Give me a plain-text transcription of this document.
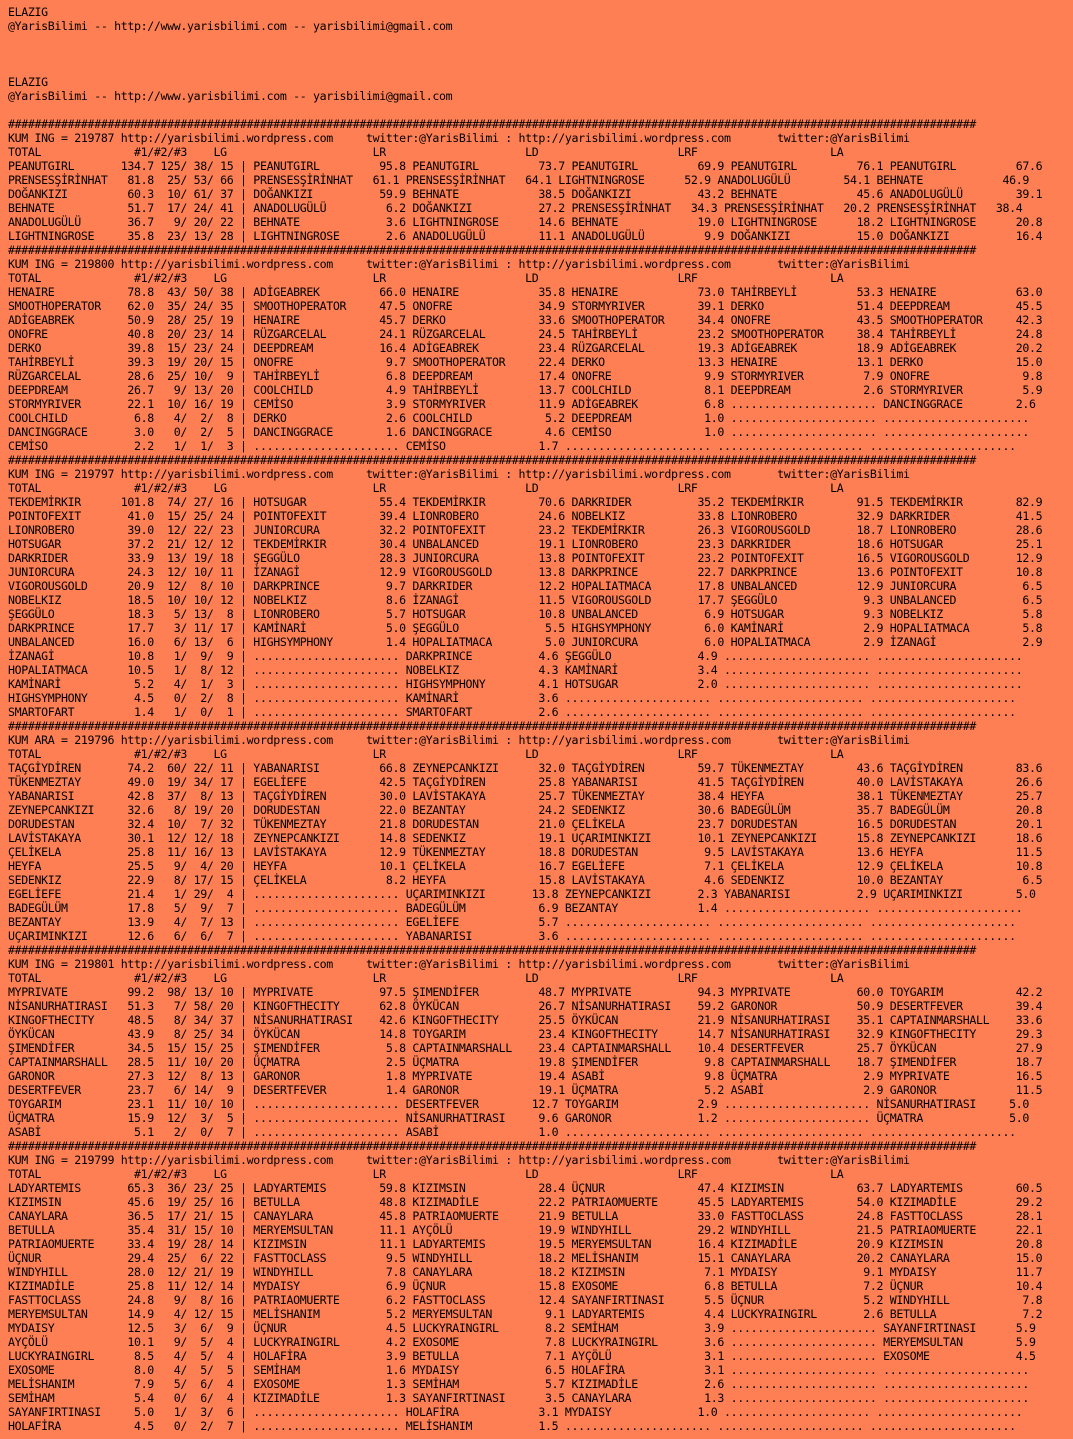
ELAZIG
@YarisBilimi -- http://www.yarisbilimi.com -- yarisbilimi@gmail.com
ELAZIG
@YarisBilimi -- http://www.yarisbilimi.com -- yarisbilimi@gmail.com
##################################################################################################################################################
KUM ING = 219787 http://yarisbilimi.wordpress.com     twitter:@YarisBilimi : http://yarisbilimi.wordpress.com       twitter:@YarisBilimi
TOTAL              #1/#2/#3    LG                      LR                     LD                     LRF                    LA
PEANUTGIRL       134.7 125/ 38/ 15 | PEANUTGIRL         95.8 PEANUTGIRL         73.7 PEANUTGIRL         69.9 PEANUTGIRL         76.1 PEANUTGIRL         67.6
PRENSESŞİRİNHAT   81.8  25/ 53/ 66 | PRENSESŞİRİNHAT   61.1 PRENSESŞİRİNHAT   64.1 LIGHTNINGROSE      52.9 ANADOLUGÜLÜ        54.1 BEHNATE            46.9
DOĞANKIZI         60.3  10/ 61/ 37 | DOĞANKIZI          59.9 BEHNATE            38.5 DOĞANKIZI          43.2 BEHNATE            45.6 ANADOLUGÜLÜ        39.1
BEHNATE           51.7  17/ 24/ 41 | ANADOLUGÜLÜ         6.2 DOĞANKIZI          27.2 PRENSESŞİRİNHAT   34.3 PRENSESŞİRİNHAT   20.2 PRENSESŞİRİNHAT   38.4
ANADOLUGÜLÜ       36.7   9/ 20/ 22 | BEHNATE             3.6 LIGHTNINGROSE      14.6 BEHNATE            19.0 LIGHTNINGROSE      18.2 LIGHTNINGROSE      20.8
LIGHTNINGROSE     35.8  23/ 13/ 28 | LIGHTNINGROSE       2.6 ANADOLUGÜLÜ        11.1 ANADOLUGÜLÜ         9.9 DOĞANKIZI          15.0 DOĞANKIZI          16.4
##################################################################################################################################################
KUM ING = 219800 http://yarisbilimi.wordpress.com     twitter:@YarisBilimi : http://yarisbilimi.wordpress.com       twitter:@YarisBilimi
TOTAL              #1/#2/#3    LG                      LR                     LD                     LRF                    LA
HENAIRE           78.8  43/ 50/ 38 | ADİGEABREK         66.0 HENAIRE            35.8 HENAIRE            73.0 TAHİRBEYLİ         53.3 HENAIRE            63.0
SMOOTHOPERATOR    62.0  35/ 24/ 35 | SMOOTHOPERATOR     47.5 ONOFRE             34.9 STORMYRIVER        39.1 DERKO              51.4 DEEPDREAM          45.5
ADİGEABREK        50.9  28/ 25/ 19 | HENAIRE            45.7 DERKO              33.6 SMOOTHOPERATOR     34.4 ONOFRE             43.5 SMOOTHOPERATOR     42.3
ONOFRE            40.8  20/ 23/ 14 | RÜZGARCELAL        24.1 RÜZGARCELAL        24.5 TAHİRBEYLİ         23.2 SMOOTHOPERATOR     38.4 TAHİRBEYLİ         24.8
DERKO             39.8  15/ 23/ 24 | DEEPDREAM          16.4 ADİGEABREK         23.4 RÜZGARCELAL        19.3 ADİGEABREK         18.9 ADİGEABREK         20.2
TAHİRBEYLİ        39.3  19/ 20/ 15 | ONOFRE              9.7 SMOOTHOPERATOR     22.4 DERKO              13.3 HENAIRE            13.1 DERKO              15.0
RÜZGARCELAL       28.6  25/ 10/  9 | TAHİRBEYLİ          6.8 DEEPDREAM          17.4 ONOFRE              9.9 STORMYRIVER         7.9 ONOFRE              9.8
DEEPDREAM         26.7   9/ 13/ 20 | COOLCHILD           4.9 TAHİRBEYLİ         13.7 COOLCHILD           8.1 DEEPDREAM           2.6 STORMYRIVER         5.9
STORMYRIVER       22.1  10/ 16/ 19 | CEMİSO              3.9 STORMYRIVER        11.9 ADİGEABREK          6.8 ...................... DANCINGGRACE        2.6
COOLCHILD          6.8   4/  2/  8 | DERKO               2.6 COOLCHILD           5.2 DEEPDREAM           1.0 ...................... ......................
DANCINGGRACE       3.0   0/  2/  5 | DANCINGGRACE        1.6 DANCINGGRACE        4.6 CEMİSO              1.0 ...................... ......................
CEMİSO             2.2   1/  1/  3 | ...................... CEMİSO              1.7 ...................... ...................... ......................
##################################################################################################################################################
KUM ING = 219797 http://yarisbilimi.wordpress.com     twitter:@YarisBilimi : http://yarisbilimi.wordpress.com       twitter:@YarisBilimi
TOTAL              #1/#2/#3    LG                      LR                     LD                     LRF                    LA
TEKDEMİRKIR      101.8  74/ 27/ 16 | HOTSUGAR           55.4 TEKDEMİRKIR        70.6 DARKRIDER          35.2 TEKDEMİRKIR        91.5 TEKDEMİRKIR        82.9
POINTOFEXIT       41.0  15/ 25/ 24 | POINTOFEXIT        39.4 LIONROBERO         24.6 NOBELKIZ           33.8 LIONROBERO         32.9 DARKRIDER          41.5
LIONROBERO        39.0  12/ 22/ 23 | JUNIORCURA         32.2 POINTOFEXIT        23.2 TEKDEMİRKIR        26.3 VIGOROUSGOLD       18.7 LIONROBERO         28.6
HOTSUGAR          37.2  21/ 12/ 12 | TEKDEMİRKIR        30.4 UNBALANCED         19.1 LIONROBERO         23.3 DARKRIDER          18.6 HOTSUGAR           25.1
DARKRIDER         33.9  13/ 19/ 18 | ŞEGGÜLO            28.3 JUNIORCURA         13.8 POINTOFEXIT        23.2 POINTOFEXIT        16.5 VIGOROUSGOLD       12.9
JUNIORCURA        24.3  12/ 10/ 11 | İZANAGİ            12.9 VIGOROUSGOLD       13.8 DARKPRINCE         22.7 DARKPRINCE         13.6 POINTOFEXIT        10.8
VIGOROUSGOLD      20.9  12/  8/ 10 | DARKPRINCE          9.7 DARKRIDER          12.2 HOPALIATMACA       17.8 UNBALANCED         12.9 JUNIORCURA          6.5
NOBELKIZ          18.5  10/ 10/ 12 | NOBELKIZ            8.6 İZANAGİ            11.5 VIGOROUSGOLD       17.7 ŞEGGÜLO             9.3 UNBALANCED          6.5
ŞEGGÜLO           18.3   5/ 13/  8 | LIONROBERO          5.7 HOTSUGAR           10.8 UNBALANCED          6.9 HOTSUGAR            9.3 NOBELKIZ            5.8
DARKPRINCE        17.7   3/ 11/ 17 | KAMİNARİ            5.0 ŞEGGÜLO             5.5 HIGHSYMPHONY        6.0 KAMİNARİ            2.9 HOPALIATMACA        5.8
UNBALANCED        16.0   6/ 13/  6 | HIGHSYMPHONY        1.4 HOPALIATMACA        5.0 JUNIORCURA          6.0 HOPALIATMACA        2.9 İZANAGİ             2.9
İZANAGİ           10.8   1/  9/  9 | ...................... DARKPRINCE          4.6 ŞEGGÜLO             4.9 ...................... ......................
HOPALIATMACA      10.5   1/  8/ 12 | ...................... NOBELKIZ            4.3 KAMİNARİ            3.4 ...................... ......................
KAMİNARİ           5.2   4/  1/  3 | ...................... HIGHSYMPHONY        4.1 HOTSUGAR            2.0 ...................... ......................
HIGHSYMPHONY       4.5   0/  2/  8 | ...................... KAMİNARİ            3.6 ...................... ...................... ......................
SMARTOFART         1.4   1/  0/  1 | ...................... SMARTOFART          2.6 ...................... ...................... ......................
##################################################################################################################################################
KUM ARA = 219796 http://yarisbilimi.wordpress.com     twitter:@YarisBilimi : http://yarisbilimi.wordpress.com       twitter:@YarisBilimi
TOTAL              #1/#2/#3    LG                      LR                     LD                     LRF                    LA
TAÇGİYDİREN       74.2  60/ 22/ 11 | YABANARISI         66.8 ZEYNEPCANKIZI      32.0 TAÇGİYDİREN        59.7 TÜKENMEZTAY        43.6 TAÇGİYDİREN        83.6
TÜKENMEZTAY       49.0  19/ 34/ 17 | EGELİEFE           42.5 TAÇGİYDİREN        25.8 YABANARISI         41.5 TAÇGİYDİREN        40.0 LAVİSTAKAYA        26.6
YABANARISI        42.8  37/  8/ 13 | TAÇGİYDİREN        30.0 LAVİSTAKAYA        25.7 TÜKENMEZTAY        38.4 HEYFA              38.1 TÜKENMEZTAY        25.7
ZEYNEPCANKIZI     32.6   8/ 19/ 20 | DORUDESTAN         22.0 BEZANTAY           24.2 SEDENKIZ           30.6 BADEGÜLÜM          35.7 BADEGÜLÜM          20.8
DORUDESTAN        32.4  10/  7/ 32 | TÜKENMEZTAY        21.8 DORUDESTAN         21.0 ÇELİKELA           23.7 DORUDESTAN         16.5 DORUDESTAN         20.1
LAVİSTAKAYA       30.1  12/ 12/ 18 | ZEYNEPCANKIZI      14.8 SEDENKIZ           19.1 UÇARIMINKIZI       10.1 ZEYNEPCANKIZI      15.8 ZEYNEPCANKIZI      18.6
ÇELİKELA          25.8  11/ 16/ 13 | LAVİSTAKAYA        12.9 TÜKENMEZTAY        18.8 DORUDESTAN          9.5 LAVİSTAKAYA        13.6 HEYFA              11.5
HEYFA             25.5   9/  4/ 20 | HEYFA              10.1 ÇELİKELA           16.7 EGELİEFE            7.1 ÇELİKELA           12.9 ÇELİKELA           10.8
SEDENKIZ          22.9   8/ 17/ 15 | ÇELİKELA            8.2 HEYFA              15.8 LAVİSTAKAYA         4.6 SEDENKIZ           10.0 BEZANTAY            6.5
EGELİEFE          21.4   1/ 29/  4 | ...................... UÇARIMINKIZI       13.8 ZEYNEPCANKIZI       2.3 YABANARISI          2.9 UÇARIMINKIZI        5.0
BADEGÜLÜM         17.8   5/  9/  7 | ...................... BADEGÜLÜM           6.9 BEZANTAY            1.4 ...................... ......................
BEZANTAY          13.9   4/  7/ 13 | ...................... EGELİEFE            5.7 ...................... ...................... ......................
UÇARIMINKIZI      12.6   6/  6/  7 | ...................... YABANARISI          3.6 ...................... ...................... ......................
##################################################################################################################################################
KUM ING = 219801 http://yarisbilimi.wordpress.com     twitter:@YarisBilimi : http://yarisbilimi.wordpress.com       twitter:@YarisBilimi
TOTAL              #1/#2/#3    LG                      LR                     LD                     LRF                    LA
MYPRIVATE         99.2  98/ 13/ 10 | MYPRIVATE          97.5 ŞIMENDİFER         48.7 MYPRIVATE          94.3 MYPRIVATE          60.0 TOYGARIM           42.2
NİSANURHATIRASI   51.3   7/ 58/ 20 | KINGOFTHECITY      62.8 ÖYKÜCAN            26.7 NİSANURHATIRASI    59.2 GARONOR            50.9 DESERTFEVER        39.4
KINGOFTHECITY     48.5   8/ 34/ 37 | NİSANURHATIRASI    42.6 KINGOFTHECITY      25.5 ÖYKÜCAN            21.9 NİSANURHATIRASI    35.1 CAPTAINMARSHALL    33.6
ÖYKÜCAN           43.9   8/ 25/ 34 | ÖYKÜCAN            14.8 TOYGARIM           23.4 KINGOFTHECITY      14.7 NİSANURHATIRASI    32.9 KINGOFTHECITY      29.3
ŞIMENDİFER        34.5  15/ 15/ 25 | ŞIMENDİFER          5.8 CAPTAINMARSHALL    23.4 CAPTAINMARSHALL    10.4 DESERTFEVER        25.7 ÖYKÜCAN            27.9
CAPTAINMARSHALL   28.5  11/ 10/ 20 | ÜÇMATRA             2.5 ÜÇMATRA            19.8 ŞIMENDİFER          9.8 CAPTAINMARSHALL    18.7 ŞIMENDİFER         18.7
GARONOR           27.3  12/  8/ 13 | GARONOR             1.8 MYPRIVATE          19.4 ASABİ               9.8 ÜÇMATRA             2.9 MYPRIVATE          16.5
DESERTFEVER       23.7   6/ 14/  9 | DESERTFEVER         1.4 GARONOR            19.1 ÜÇMATRA             5.2 ASABİ               2.9 GARONOR            11.5
TOYGARIM          23.1  11/ 10/ 10 | ...................... DESERTFEVER        12.7 TOYGARIM            2.9 ...................... NİSANURHATIRASI     5.0
ÜÇMATRA           15.9  12/  3/  5 | ...................... NİSANURHATIRASI     9.6 GARONOR             1.2 ...................... ÜÇMATRA             5.0
ASABİ              5.1   2/  0/  7 | ...................... ASABİ               1.0 ...................... ...................... ......................
##################################################################################################################################################
KUM ING = 219799 http://yarisbilimi.wordpress.com     twitter:@YarisBilimi : http://yarisbilimi.wordpress.com       twitter:@YarisBilimi
TOTAL              #1/#2/#3    LG                      LR                     LD                     LRF                    LA
LADYARTEMIS       65.3  36/ 23/ 25 | LADYARTEMIS        59.8 KIZIMSIN           28.4 ÜÇNUR              47.4 KIZIMSIN           63.7 LADYARTEMIS        60.5
KIZIMSIN          45.6  19/ 25/ 16 | BETULLA            48.8 KIZIMADİLE         22.2 PATRIAOMUERTE      45.5 LADYARTEMIS        54.0 KIZIMADİLE         29.2
CANAYLARA         36.5  17/ 21/ 15 | CANAYLARA          45.8 PATRIAOMUERTE      21.9 BETULLA            33.0 FASTTOCLASS        24.8 FASTTOCLASS        28.1
BETULLA           35.4  31/ 15/ 10 | MERYEMSULTAN       11.1 AYÇÖLÜ             19.9 WINDYHILL          29.2 WINDYHILL          21.5 PATRIAOMUERTE      22.1
PATRIAOMUERTE     33.4  19/ 28/ 14 | KIZIMSIN           11.1 LADYARTEMIS        19.5 MERYEMSULTAN       16.4 KIZIMADİLE         20.9 KIZIMSIN           20.8
ÜÇNUR             29.4  25/  6/ 22 | FASTTOCLASS         9.5 WINDYHILL          18.2 MELİSHANIM         15.1 CANAYLARA          20.2 CANAYLARA          15.0
WINDYHILL         28.0  12/ 21/ 19 | WINDYHILL           7.8 CANAYLARA          18.2 KIZIMSIN            7.1 MYDAISY             9.1 MYDAISY            11.7
KIZIMADİLE        25.8  11/ 12/ 14 | MYDAISY             6.9 ÜÇNUR              15.8 EXOSOME             6.8 BETULLA             7.2 ÜÇNUR              10.4
FASTTOCLASS       24.8   9/  8/ 16 | PATRIAOMUERTE       6.2 FASTTOCLASS        12.4 SAYANFIRTINASI      5.5 ÜÇNUR               5.2 WINDYHILL           7.8
MERYEMSULTAN      14.9   4/ 12/ 15 | MELİSHANIM          5.2 MERYEMSULTAN        9.1 LADYARTEMIS         4.4 LUCKYRAINGIRL       2.6 BETULLA             7.2
MYDAISY           12.5   3/  6/  9 | ÜÇNUR               4.5 LUCKYRAINGIRL       8.2 SEMİHAM             3.9 ...................... SAYANFIRTINASI      5.9
AYÇÖLÜ            10.1   9/  5/  4 | LUCKYRAINGIRL       4.2 EXOSOME             7.8 LUCKYRAINGIRL       3.6 ...................... MERYEMSULTAN        5.9
LUCKYRAINGIRL      8.5   4/  5/  4 | HOLAFİRA            3.9 BETULLA             7.1 AYÇÖLÜ              3.1 ...................... EXOSOME             4.5
EXOSOME            8.0   4/  5/  5 | SEMİHAM             1.6 MYDAISY             6.5 HOLAFİRA            3.1 ...................... ......................
MELİSHANIM         7.9   5/  6/  4 | EXOSOME             1.3 SEMİHAM             5.7 KIZIMADİLE          2.6 ...................... ......................
SEMİHAM            5.4   0/  6/  4 | KIZIMADİLE          1.3 SAYANFIRTINASI      3.5 CANAYLARA           1.3 ...................... ......................
SAYANFIRTINASI     5.0   1/  3/  6 | ...................... HOLAFİRA            3.1 MYDAISY             1.0 ...................... ......................
HOLAFİRA           4.5   0/  2/  7 | ...................... MELİSHANIM          1.5 ...................... ...................... ......................
